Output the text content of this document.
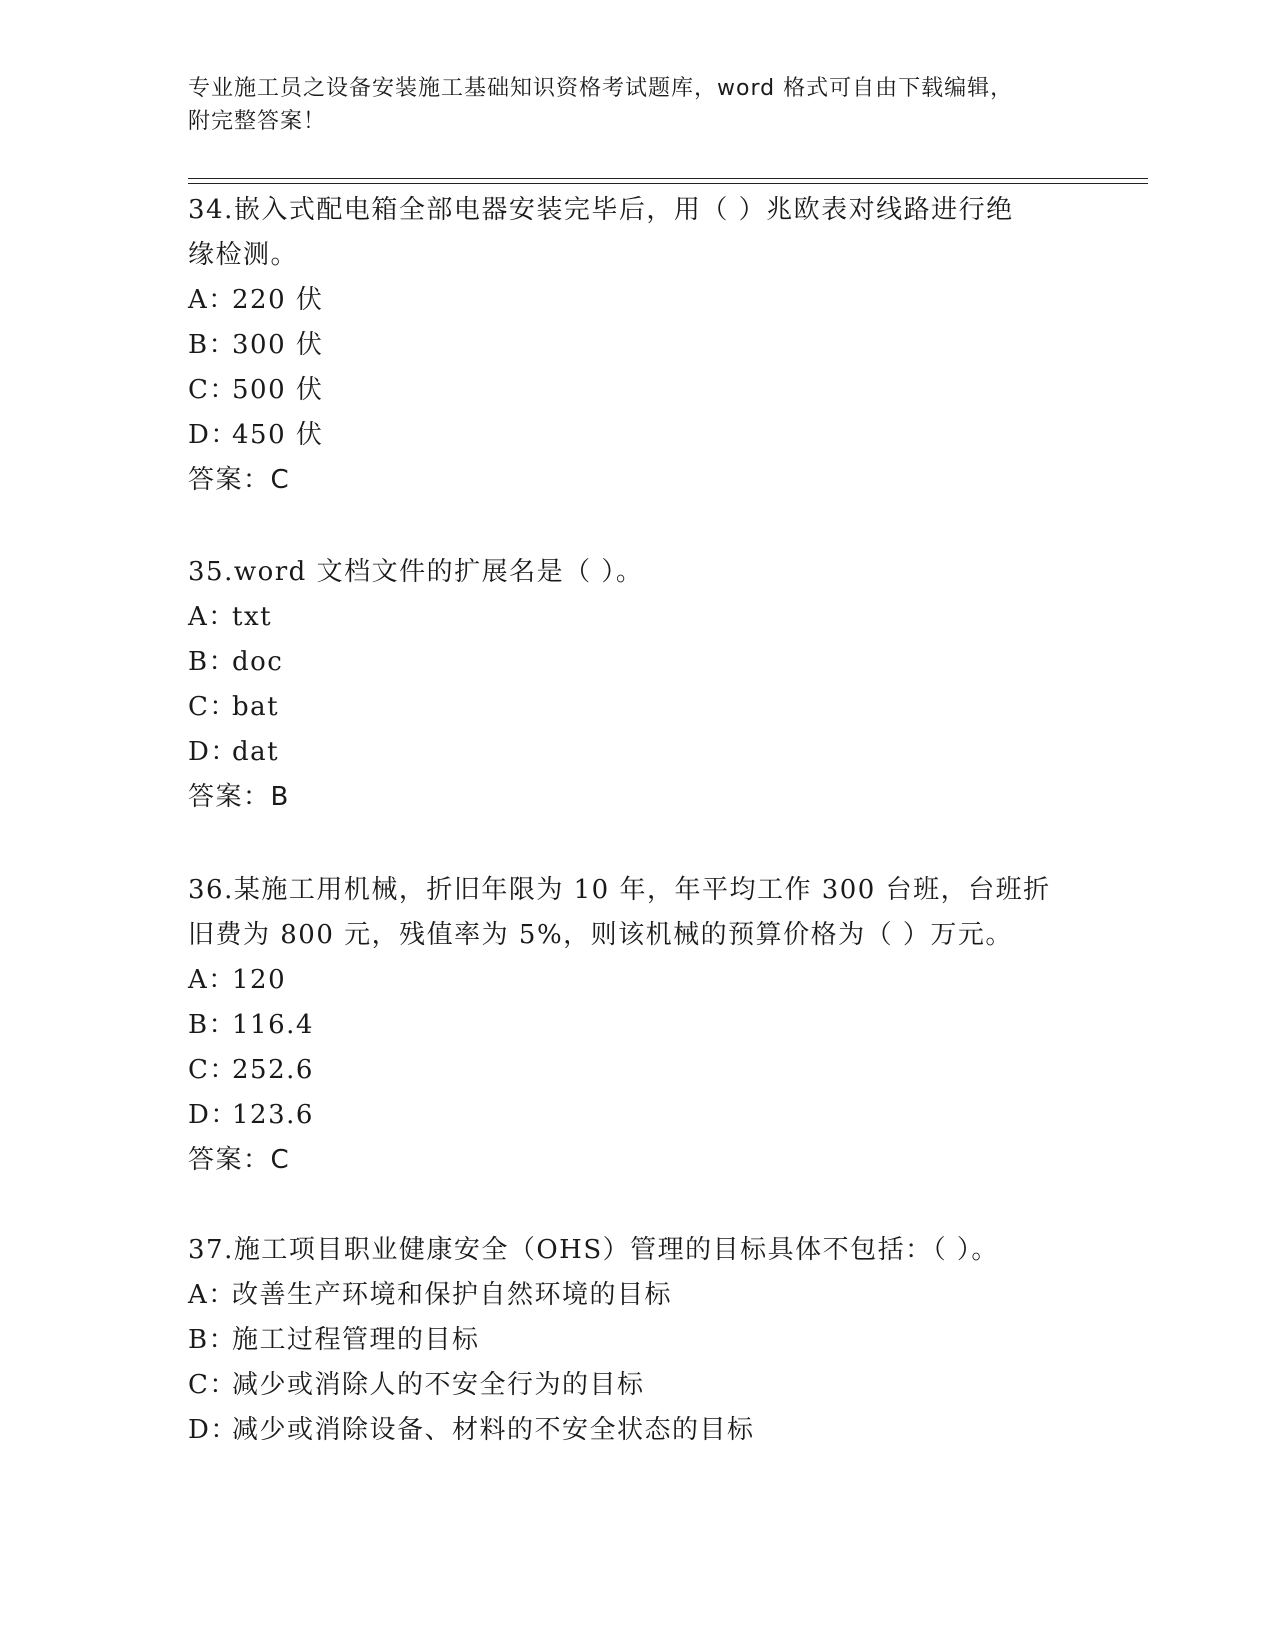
专业施工员之设备安装施工基础知识资格考试题库，word 格式可自由下载编辑，
附完整答案！

34.嵌入式配电箱全部电器安装完毕后，用（ ）兆欧表对线路进行绝

缘检测。

A：220 伏

B：300 伏

C：500 伏

D：450 伏

答案：C

35.word 文档文件的扩展名是（ ）。

A：txt

B：doc

C：bat

D：dat

答案：B

36.某施工用机械，折旧年限为 10 年，年平均工作 300 台班，台班折

旧费为 800 元，残值率为 5%，则该机械的预算价格为（ ）万元。

A：120

B：116.4

C：252.6

D：123.6

答案：C

37.施工项目职业健康安全（OHS）管理的目标具体不包括：（ ）。

A：改善生产环境和保护自然环境的目标

B：施工过程管理的目标

C：减少或消除人的不安全行为的目标

D：减少或消除设备、材料的不安全状态的目标
